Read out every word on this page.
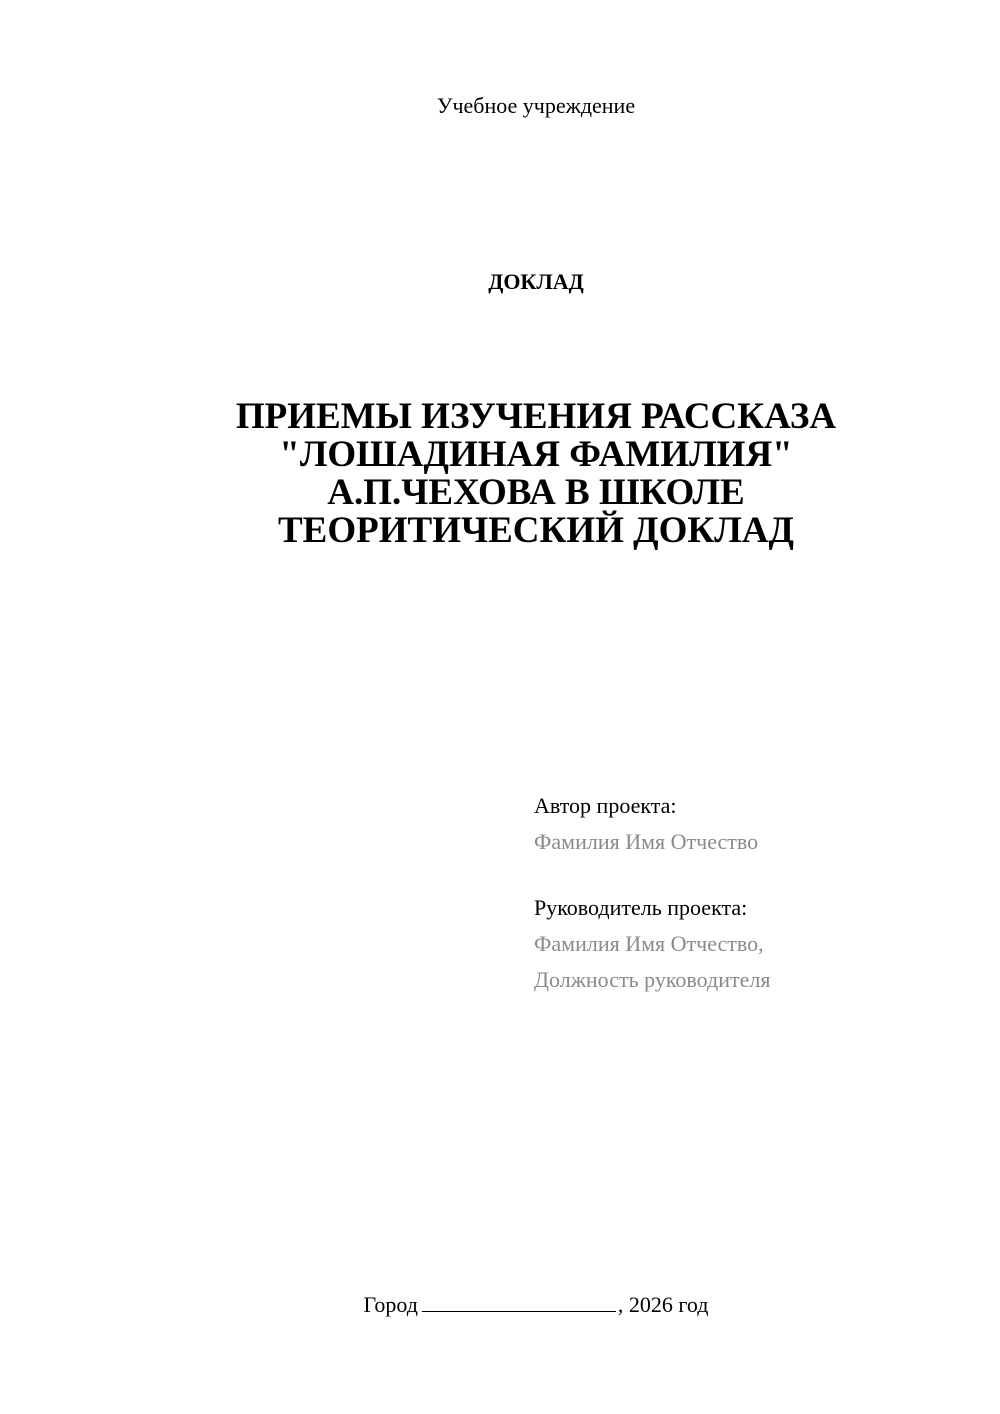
Учебное учреждение
ДОКЛАД
ПРИЕМЫ ИЗУЧЕНИЯ РАССКАЗА
"ЛОШАДИНАЯ ФАМИЛИЯ"
А.П.ЧЕХОВА В ШКОЛЕ
ТЕОРИТИЧЕСКИЙ ДОКЛАД
Автор проекта:
Фамилия Имя Отчество
Руководитель проекта:
Фамилия Имя Отчество,
Должность руководителя
Город	, 2026 год
